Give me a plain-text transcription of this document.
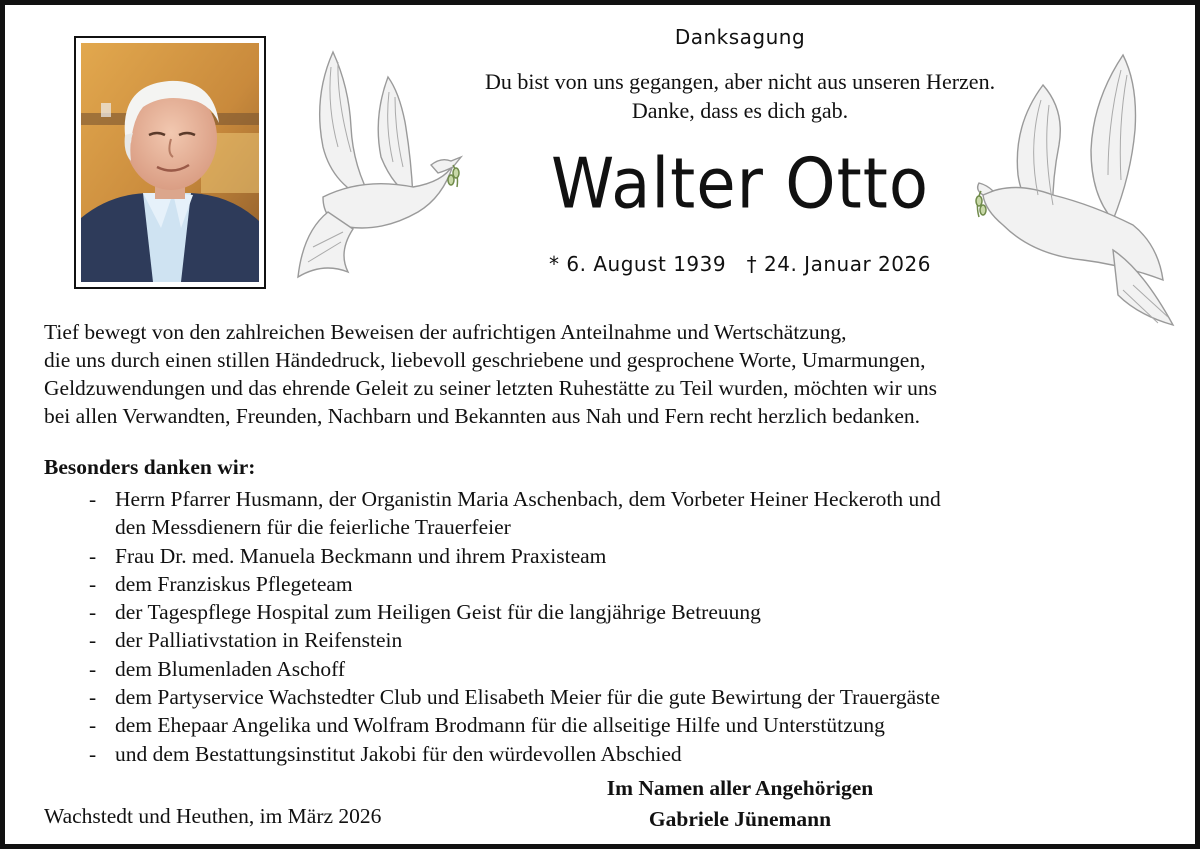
Danksagung
Du bist von uns gegangen, aber nicht aus unseren Herzen.
Danke, dass es dich gab.
Walter Otto
* 6. August 1939   † 24. Januar 2026
Tief bewegt von den zahlreichen Beweisen der aufrichtigen Anteilnahme und Wertschätzung,
die uns durch einen stillen Händedruck, liebevoll geschriebene und gesprochene Worte, Umarmungen,
Geldzuwendungen und das ehrende Geleit zu seiner letzten Ruhestätte zu Teil wurden, möchten wir uns
bei allen Verwandten, Freunden, Nachbarn und Bekannten aus Nah und Fern recht herzlich bedanken.
Besonders danken wir:
- Herrn Pfarrer Husmann, der Organistin Maria Aschenbach, dem Vorbeter Heiner Heckeroth und
den Messdienern für die feierliche Trauerfeier
- Frau Dr. med. Manuela Beckmann und ihrem Praxisteam
- dem Franziskus Pflegeteam
- der Tagespflege Hospital zum Heiligen Geist für die langjährige Betreuung
- der Palliativstation in Reifenstein
- dem Blumenladen Aschoff
- dem Partyservice Wachstedter Club und Elisabeth Meier für die gute Bewirtung der Trauergäste
- dem Ehepaar Angelika und Wolfram Brodmann für die allseitige Hilfe und Unterstützung
- und dem Bestattungsinstitut Jakobi für den würdevollen Abschied
Wachstedt und Heuthen, im März 2026
Im Namen aller Angehörigen
Gabriele Jünemann
